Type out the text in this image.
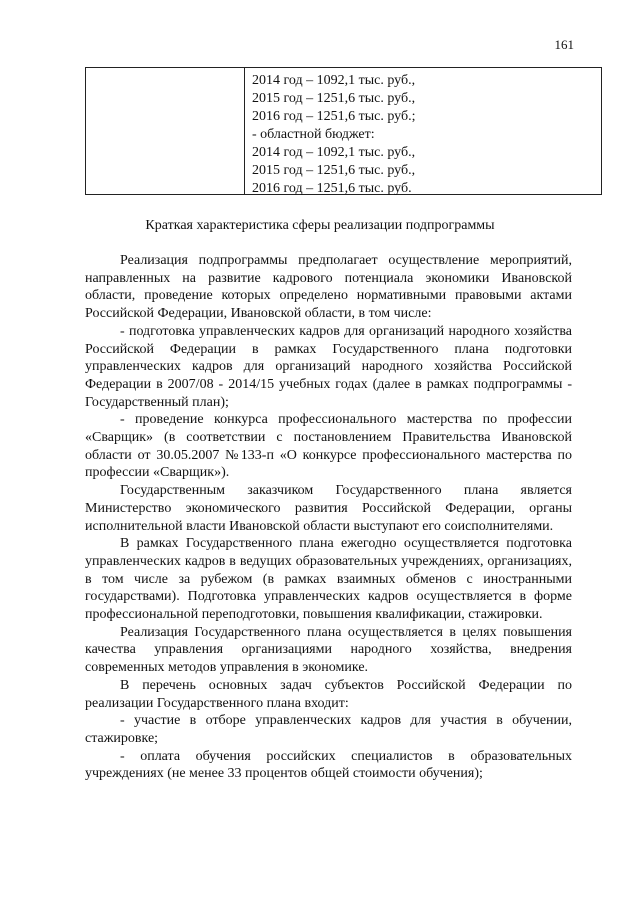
161
2014 год – 1092,1 тыс. руб.,
2015 год – 1251,6 тыс. руб.,
2016 год – 1251,6 тыс. руб.;
- областной бюджет:
2014 год – 1092,1 тыс. руб.,
2015 год – 1251,6 тыс. руб.,
2016 год – 1251,6 тыс. руб.
Краткая характеристика сферы реализации подпрограммы

Реализация подпрограммы предполагает осуществление мероприятий, направленных на развитие кадрового потенциала экономики Ивановской области, проведение которых определено нормативными правовыми актами Российской Федерации, Ивановской области, в том числе:

- подготовка управленческих кадров для организаций народного хозяйства Российской Федерации в рамках Государственного плана подготовки управленческих кадров для организаций народного хозяйства Российской Федерации в 2007/08 - 2014/15 учебных годах (далее в рамках подпрограммы - Государственный план);

- проведение конкурса профессионального мастерства по профессии «Сварщик» (в соответствии с постановлением Правительства Ивановской области от 30.05.2007 №133-п «О конкурсе профессионального мастерства по профессии «Сварщик»).

Государственным заказчиком Государственного плана является Министерство экономического развития Российской Федерации, органы исполнительной власти Ивановской области выступают его соисполнителями.

В рамках Государственного плана ежегодно осуществляется подготовка управленческих кадров в ведущих образовательных учреждениях, организациях, в том числе за рубежом (в рамках взаимных обменов с иностранными государствами). Подготовка управленческих кадров осуществляется в форме профессиональной переподготовки, повышения квалификации, стажировки.

Реализация Государственного плана осуществляется в целях повышения качества управления организациями народного хозяйства, внедрения современных методов управления в экономике.

В перечень основных задач субъектов Российской Федерации по реализации Государственного плана входит:

- участие в отборе управленческих кадров для участия в обучении, стажировке;

- оплата обучения российских специалистов в образовательных учреждениях (не менее 33 процентов общей стоимости обучения);
